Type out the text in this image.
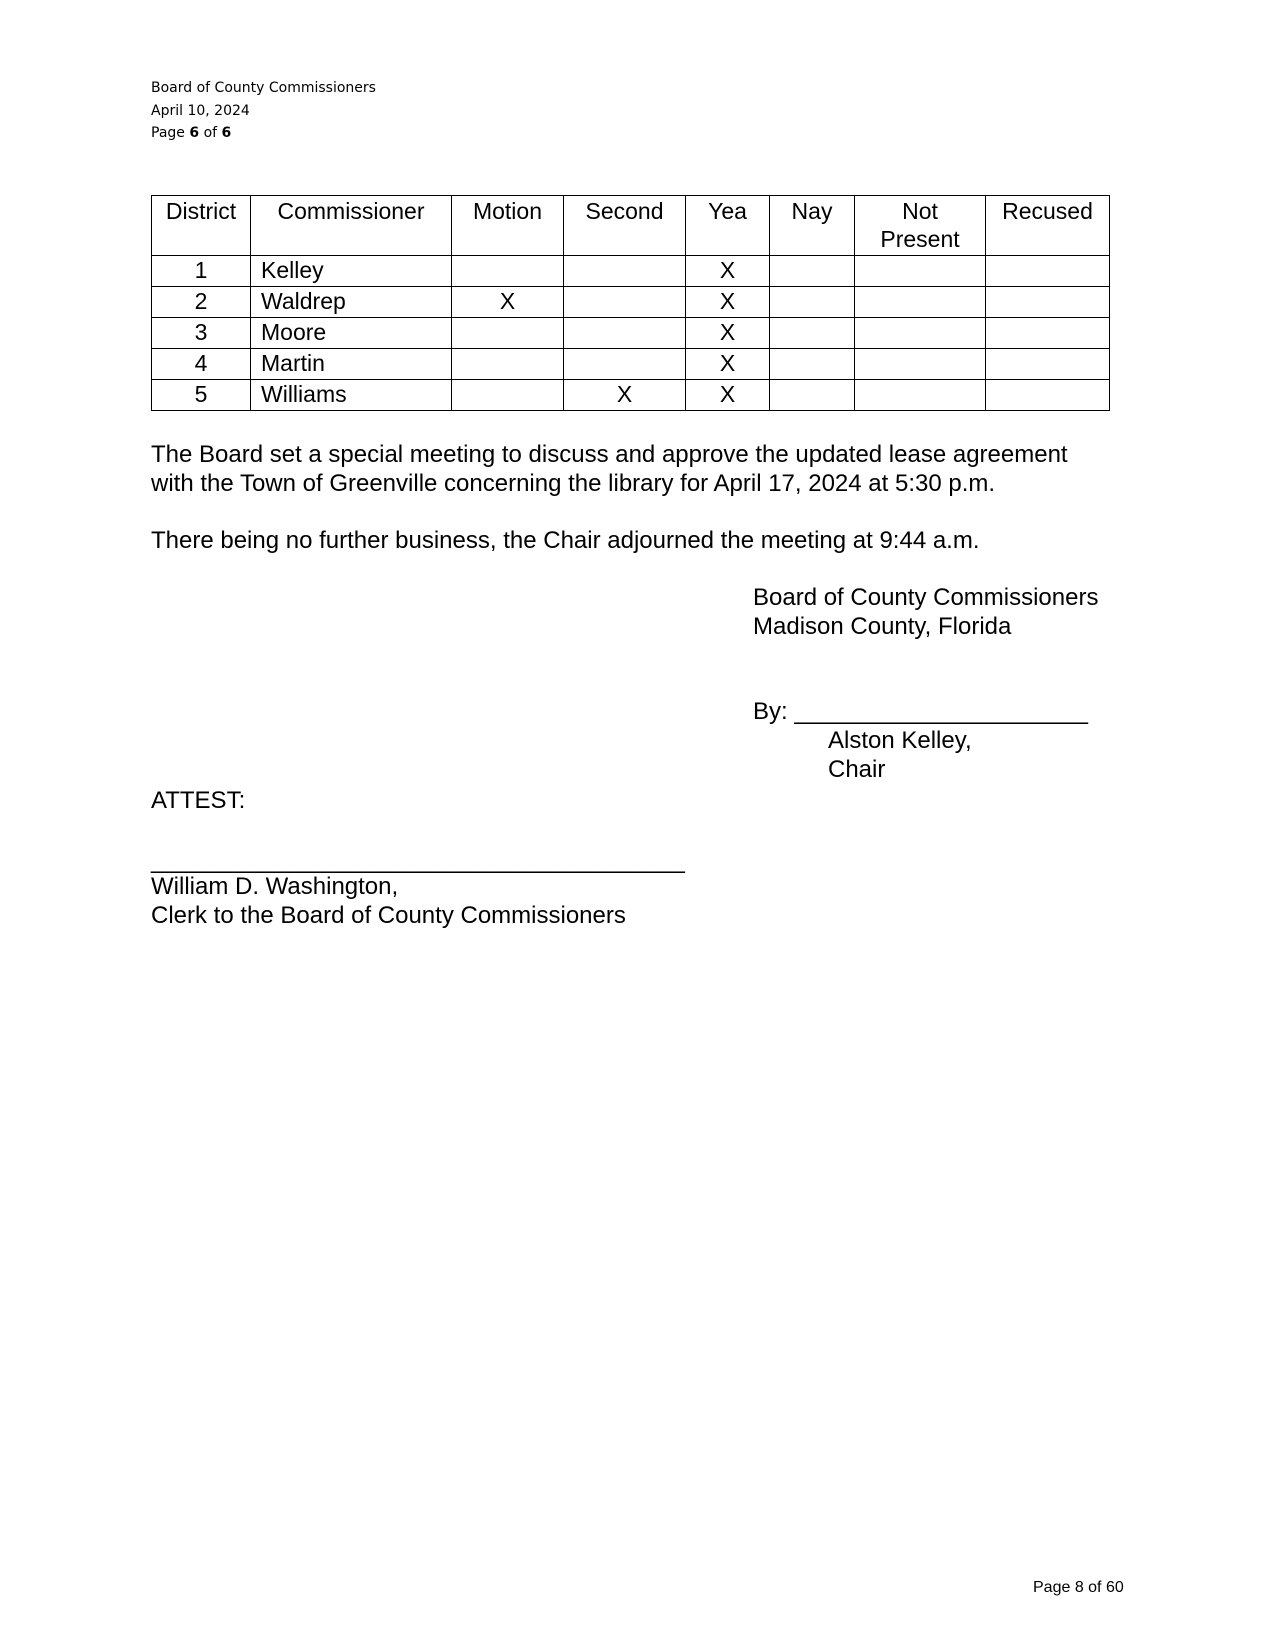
Board of County Commissioners
April 10, 2024
Page 6 of 6
District	Commissioner	Motion	Second	Yea	Nay	Not Present	Recused
1	Kelley			X			
2	Waldrep	X		X			
3	Moore			X			
4	Martin			X			
5	Williams		X	X			
The Board set a special meeting to discuss and approve the updated lease agreement
with the Town of Greenville concerning the library for April 17, 2024 at 5:30 p.m.
There being no further business, the Chair adjourned the meeting at 9:44 a.m.
Board of County Commissioners
Madison County, Florida
By: ______________________
Alston Kelley,
Chair
ATTEST:
________________________________________
William D. Washington,
Clerk to the Board of County Commissioners
Page 8 of 60
